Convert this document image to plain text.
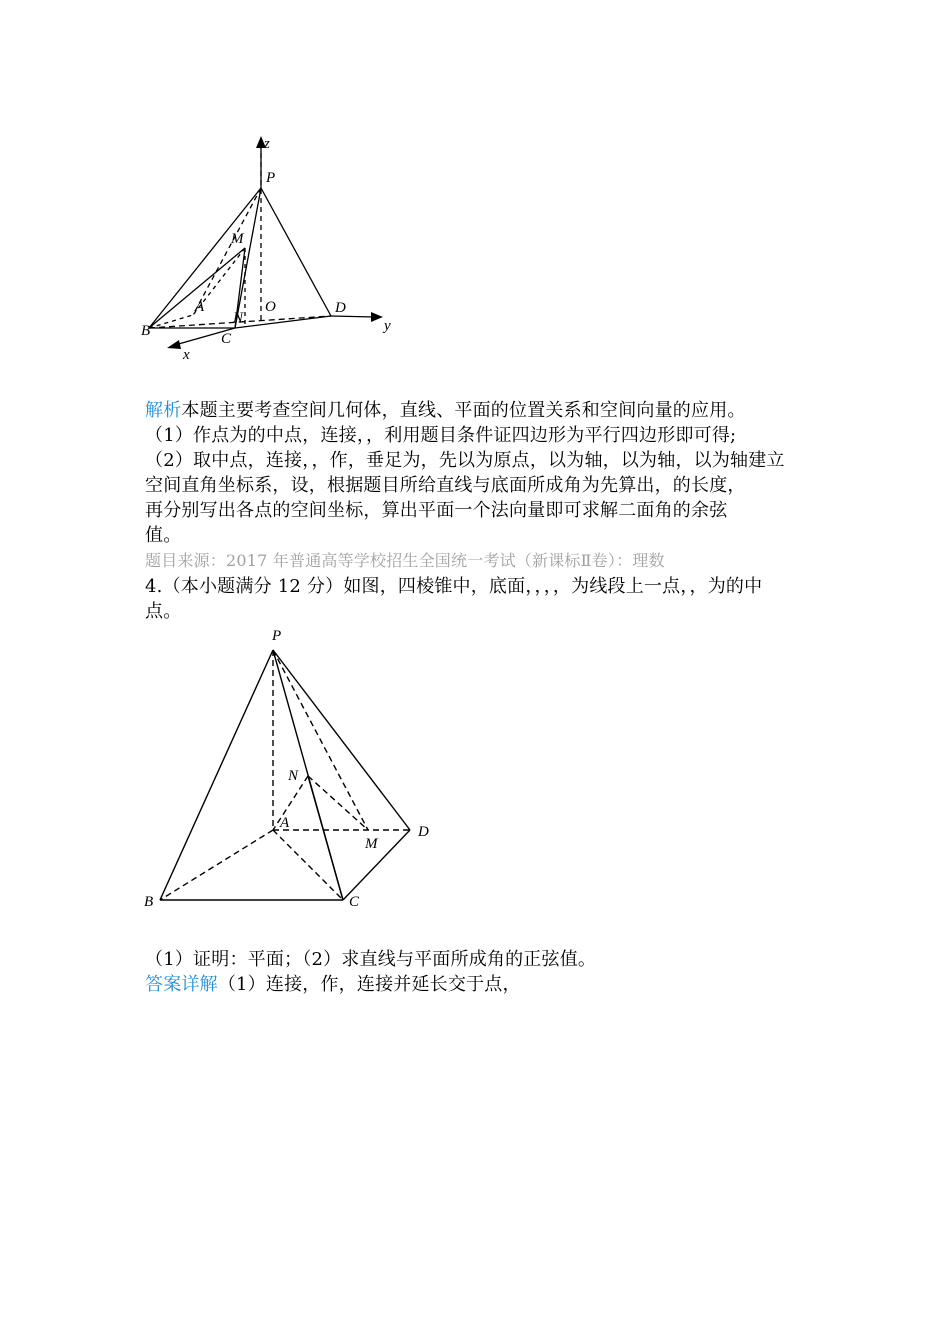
z
P
M
A	O	D
y
B
N
C
x
解析本题主要考查空间几何体，直线、平面的位置关系和空间向量的应用。
（1）作点为的中点，连接，，利用题目条件证四边形为平行四边形即可得;
（2）取中点，连接，，作，垂足为，先以为原点，以为轴，以为轴，以为轴建立
空间直角坐标系，设，根据题目所给直线与底面所成角为先算出，的长度，
再分别写出各点的空间坐标，算出平面一个法向量即可求解二面角的余弦
值。
题目来源：2017 年普通高等学校招生全国统一考试（新课标Ⅱ卷）：理数
4.（本小题满分 12 分）如图，四棱锥中，底面，，，，为线段上一点，，为的中
点。
P
N
A
M
D
B	C
（1）证明：平面；（2）求直线与平面所成角的正弦值。
答案详解（1）连接，作，连接并延长交于点，
